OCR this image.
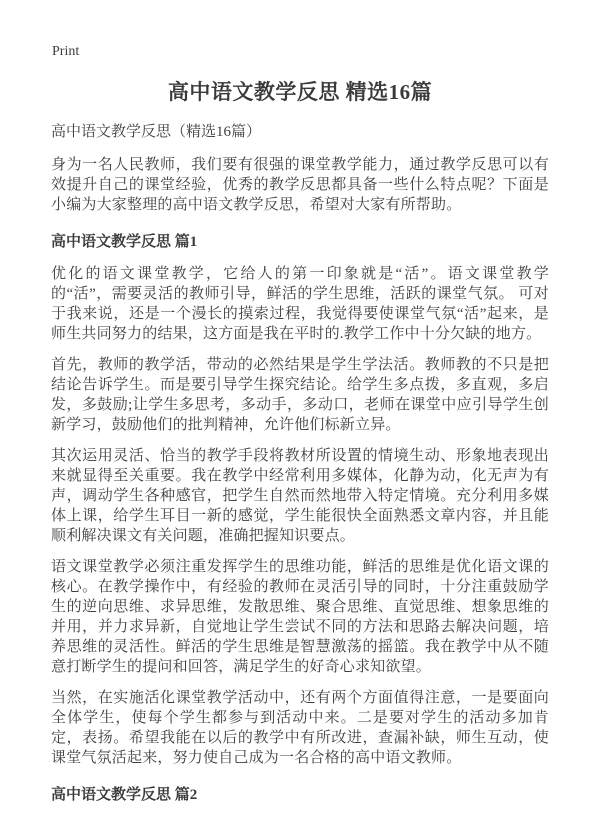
Print
高中语文教学反思 精选16篇

高中语文教学反思（精选16篇）

身为一名人民教师，我们要有很强的课堂教学能力，通过教学反思可以有效提升自己的课堂经验，优秀的教学反思都具备一些什么特点呢？下面是小编为大家整理的高中语文教学反思，希望对大家有所帮助。

高中语文教学反思 篇1

优化的语文课堂教学，它给人的第一印象就是“活”。语文课堂教学的“活”，需要灵活的教师引导，鲜活的学生思维，活跃的课堂气氛。 可对于我来说，还是一个漫长的摸索过程，我觉得要使课堂气氛“活”起来，是师生共同努力的结果，这方面是我在平时的.教学工作中十分欠缺的地方。

首先，教师的教学活，带动的必然结果是学生学法活。教师教的不只是把结论告诉学生。而是要引导学生探究结论。给学生多点拨，多直观，多启发，多鼓励;让学生多思考，多动手，多动口，老师在课堂中应引导学生创新学习，鼓励他们的批判精神，允许他们标新立异。

其次运用灵活、恰当的教学手段将教材所设置的情境生动、形象地表现出来就显得至关重要。我在教学中经常利用多媒体，化静为动，化无声为有声，调动学生各种感官，把学生自然而然地带入特定情境。充分利用多媒体上课，给学生耳目一新的感觉，学生能很快全面熟悉文章内容，并且能顺利解决课文有关问题，准确把握知识要点。

语文课堂教学必须注重发挥学生的思维功能，鲜活的思维是优化语文课的核心。在教学操作中，有经验的教师在灵活引导的同时，十分注重鼓励学生的逆向思维、求异思维，发散思维、聚合思维、直觉思维、想象思维的并用，并力求异新，自觉地让学生尝试不同的方法和思路去解决问题，培养思维的灵活性。鲜活的学生思维是智慧激荡的摇篮。我在教学中从不随意打断学生的提问和回答，满足学生的好奇心求知欲望。

当然，在实施活化课堂教学活动中，还有两个方面值得注意，一是要面向全体学生，使每个学生都参与到活动中来。二是要对学生的活动多加肯定，表扬。希望我能在以后的教学中有所改进，查漏补缺，师生互动，使课堂气氛活起来，努力使自己成为一名合格的高中语文教师。

高中语文教学反思 篇2
